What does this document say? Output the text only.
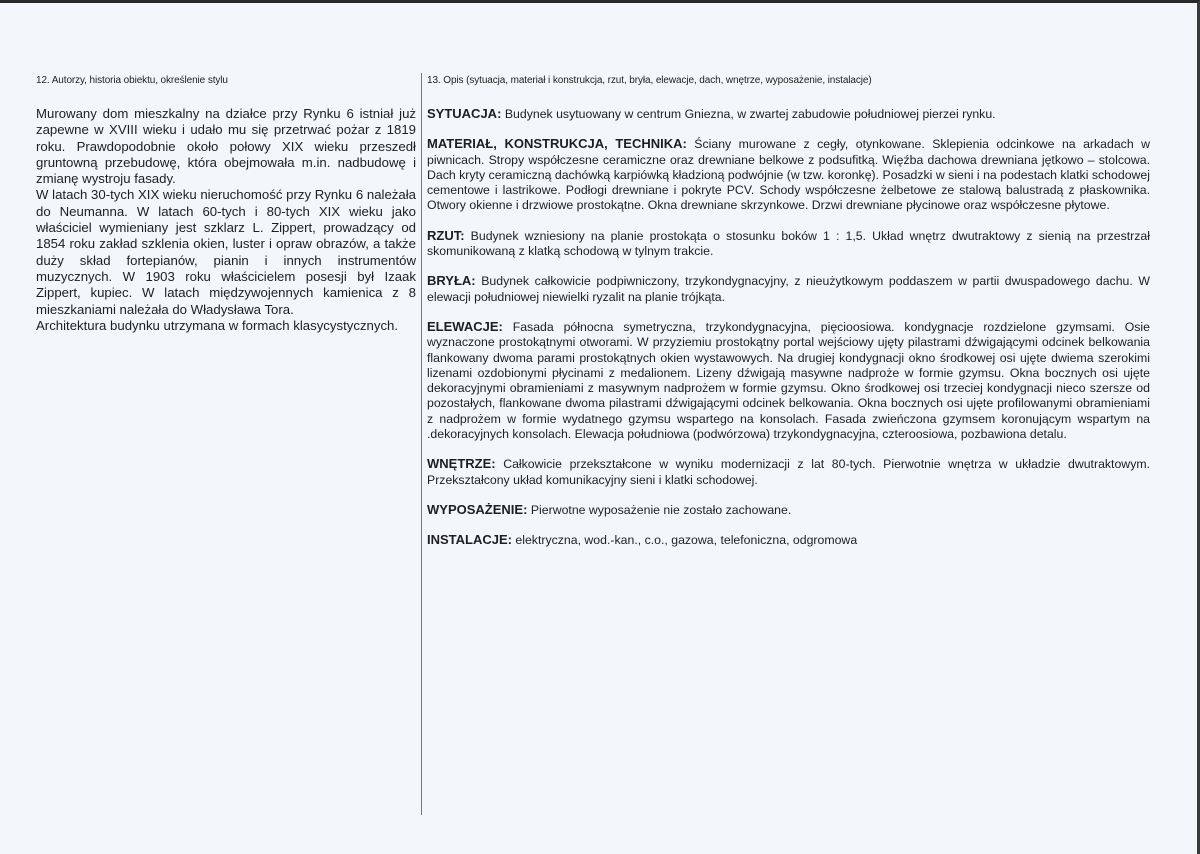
12. Autorzy, historia obiektu, określenie stylu

Murowany dom mieszkalny na działce przy Rynku 6 istniał już zapewne w XVIII wieku i udało mu się przetrwać pożar z 1819 roku. Prawdopodobnie około połowy XIX wieku przeszedł gruntowną przebudowę, która obejmowała m.in. nadbudowę i zmianę wystroju fasady.

W latach 30-tych XIX wieku nieruchomość przy Rynku 6 należała do Neumanna. W latach 60-tych i 80-tych XIX wieku jako właściciel wymieniany jest szklarz L. Zippert, prowadzący od 1854 roku zakład szklenia okien, luster i opraw obrazów, a także duży skład fortepianów, pianin i innych instrumentów muzycznych. W 1903 roku właścicielem posesji był Izaak Zippert, kupiec. W latach międzywojennych kamienica z 8 mieszkaniami należała do Władysława Tora.

Architektura budynku utrzymana w formach klasycystycznych.

13. Opis (sytuacja, materiał i konstrukcja, rzut, bryła, elewacje, dach, wnętrze, wyposażenie, instalacje)
SYTUACJA: Budynek usytuowany w centrum Gniezna, w zwartej zabudowie południowej pierzei rynku.
MATERIAŁ, KONSTRUKCJA, TECHNIKA: Ściany murowane z cegły, otynkowane. Sklepienia odcinkowe na arkadach w piwnicach. Stropy współczesne ceramiczne oraz drewniane belkowe z podsufitką. Więźba dachowa drewniana jętkowo – stolcowa. Dach kryty ceramiczną dachówką karpiówką kładzioną podwójnie (w tzw. koronkę). Posadzki w sieni i na podestach klatki schodowej cementowe i lastrikowe. Podłogi drewniane i pokryte PCV. Schody współczesne żelbetowe ze stalową balustradą z płaskownika. Otwory okienne i drzwiowe prostokątne. Okna drewniane skrzynkowe. Drzwi drewniane płycinowe oraz współczesne płytowe.
RZUT: Budynek wzniesiony na planie prostokąta o stosunku boków 1 : 1,5. Układ wnętrz dwutraktowy z sienią na przestrzał skomunikowaną z klatką schodową w tylnym trakcie.
BRYŁA: Budynek całkowicie podpiwniczony, trzykondygnacyjny, z nieużytkowym poddaszem w partii dwuspadowego dachu. W elewacji południowej niewielki ryzalit na planie trójkąta.
ELEWACJE: Fasada północna symetryczna, trzykondygnacyjna, pięcioosiowa. kondygnacje rozdzielone gzymsami. Osie wyznaczone prostokątnymi otworami. W przyziemiu prostokątny portal wejściowy ujęty pilastrami dźwigającymi odcinek belkowania flankowany dwoma parami prostokątnych okien wystawowych. Na drugiej kondygnacji okno środkowej osi ujęte dwiema szerokimi lizenami ozdobionymi płycinami z medalionem. Lizeny dźwigają masywne nadproże w formie gzymsu. Okna bocznych osi ujęte dekoracyjnymi obramieniami z masywnym nadprożem w formie gzymsu. Okno środkowej osi trzeciej kondygnacji nieco szersze od pozostałych, flankowane dwoma pilastrami dźwigającymi odcinek belkowania. Okna bocznych osi ujęte profilowanymi obramieniami z nadprożem w formie wydatnego gzymsu wspartego na konsolach. Fasada zwieńczona gzymsem koronującym wspartym na .dekoracyjnych konsolach. Elewacja południowa (podwórzowa) trzykondygnacyjna, czteroosiowa, pozbawiona detalu.
WNĘTRZE: Całkowicie przekształcone w wyniku modernizacji z lat 80-tych. Pierwotnie wnętrza w układzie dwutraktowym. Przekształcony układ komunikacyjny sieni i klatki schodowej.
WYPOSAŻENIE: Pierwotne wyposażenie nie zostało zachowane.
INSTALACJE: elektryczna, wod.-kan., c.o., gazowa, telefoniczna, odgromowa
